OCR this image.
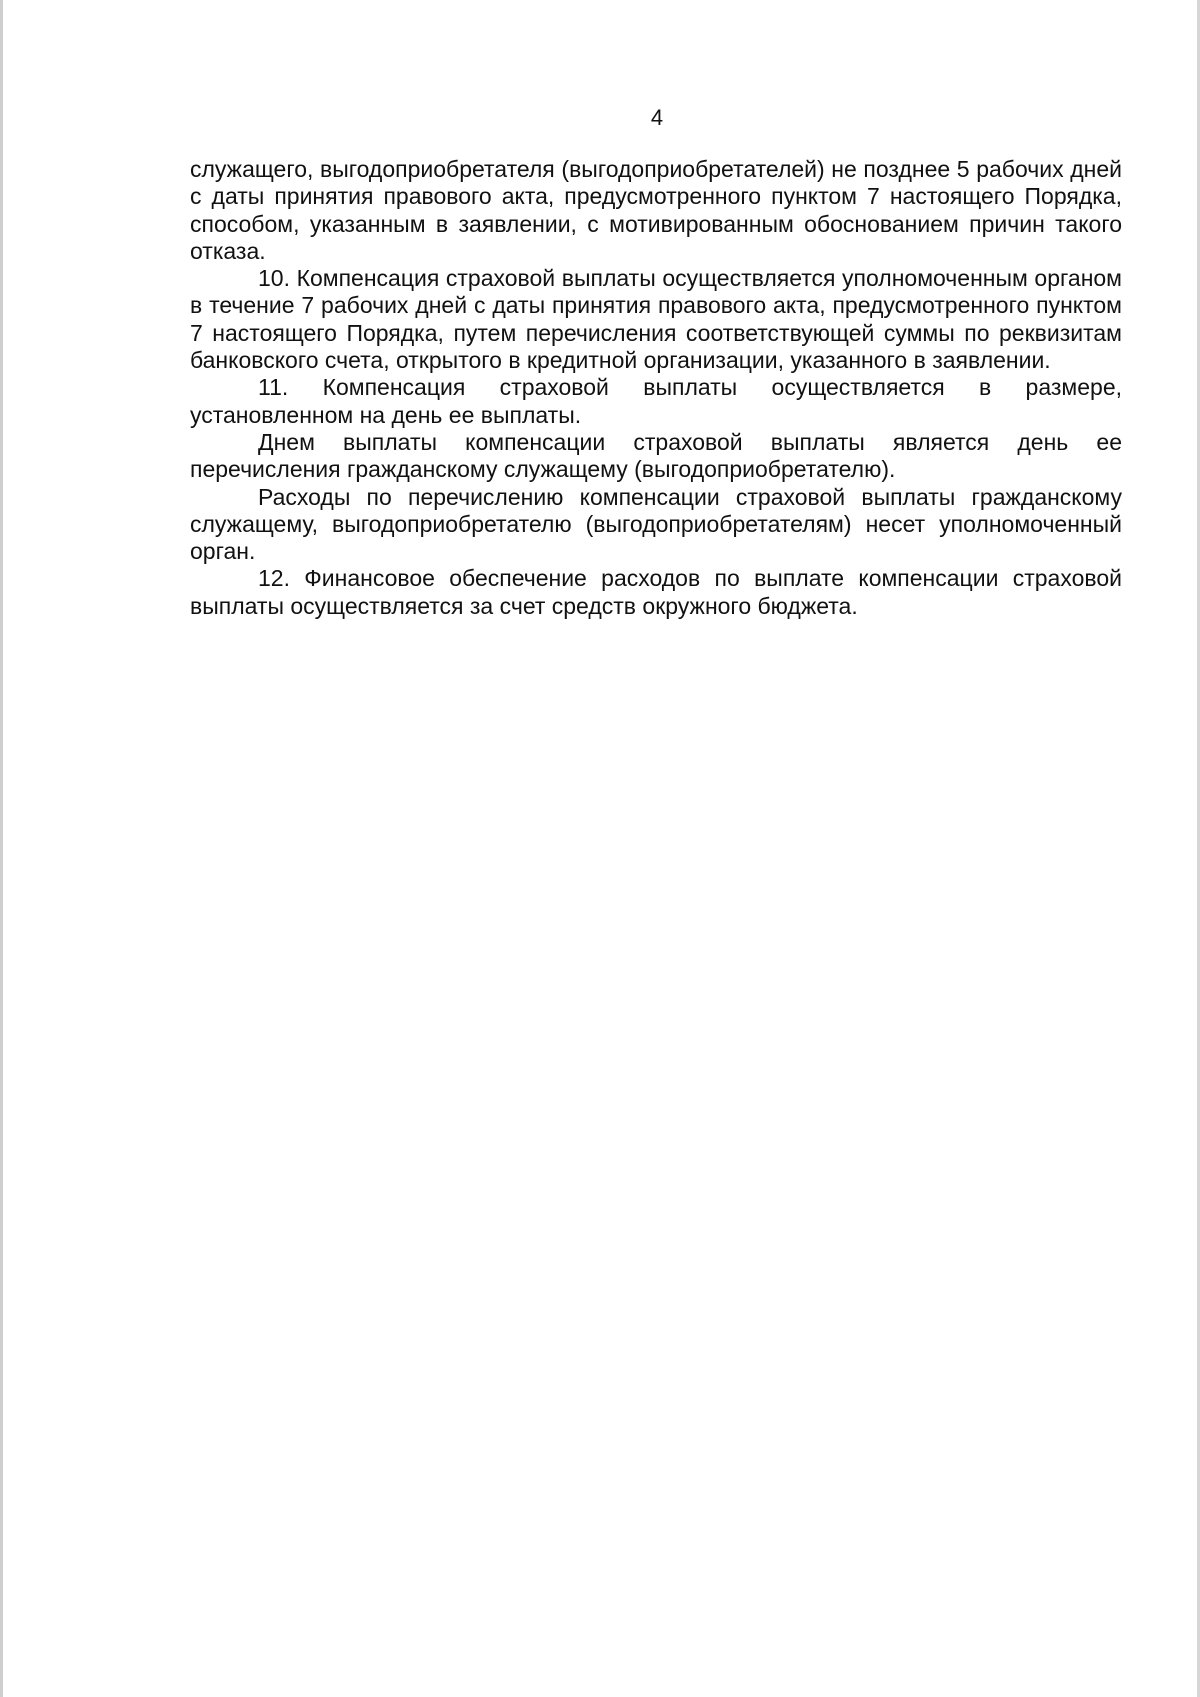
4

служащего, выгодоприобретателя (выгодоприобретателей) не позднее 5 рабочих дней с даты принятия правового акта, предусмотренного пунктом 7 настоящего Порядка, способом, указанным в заявлении, с мотивированным обоснованием причин такого отказа.

10. Компенсация страховой выплаты осуществляется уполномоченным органом в течение 7 рабочих дней с даты принятия правового акта, предусмотренного пунктом 7 настоящего Порядка, путем перечисления соответствующей суммы по реквизитам банковского счета, открытого в кредитной организации, указанного в заявлении.

11. Компенсация страховой выплаты осуществляется в размере, установленном на день ее выплаты.

Днем выплаты компенсации страховой выплаты является день ее перечисления гражданскому служащему (выгодоприобретателю).

Расходы по перечислению компенсации страховой выплаты гражданскому служащему, выгодоприобретателю (выгодоприобретателям) несет уполномоченный орган.

12. Финансовое обеспечение расходов по выплате компенсации страховой выплаты осуществляется за счет средств окружного бюджета.
